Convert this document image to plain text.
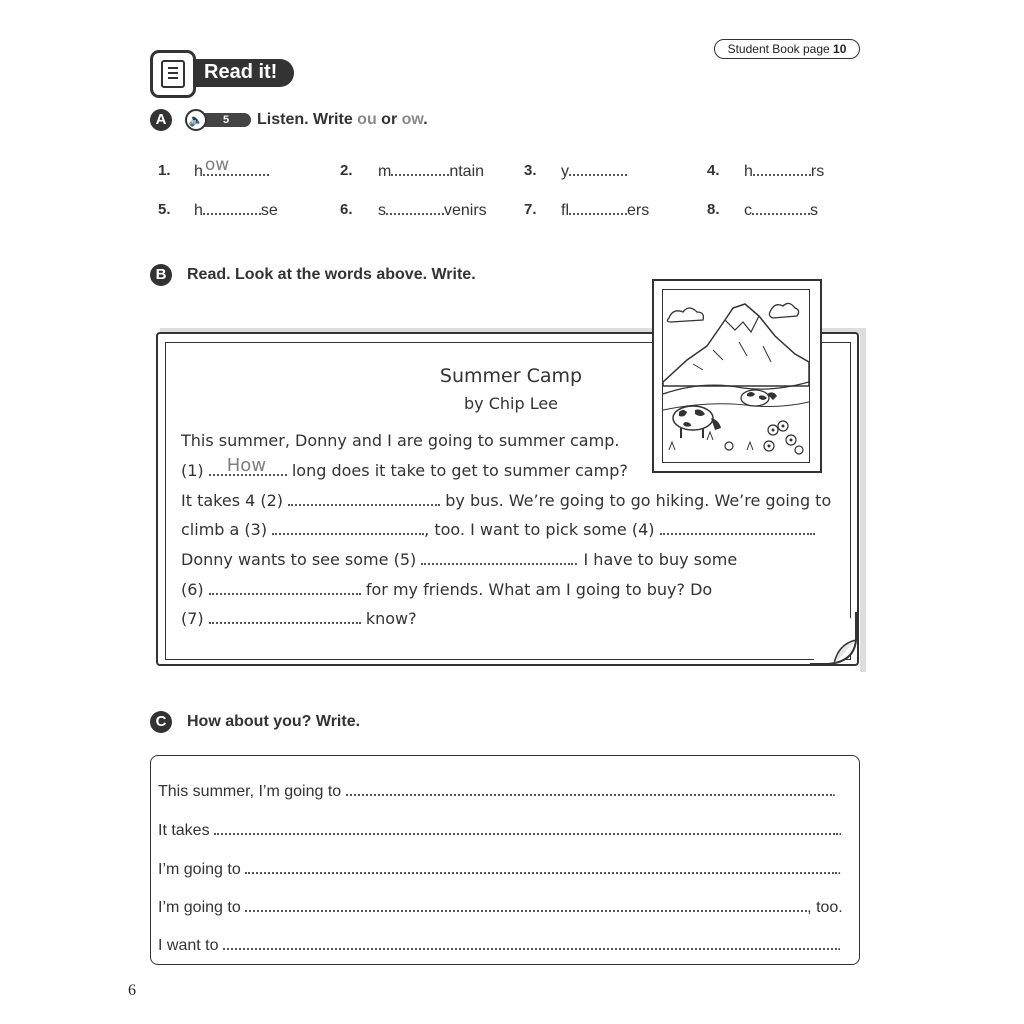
Student Book page 10
Read it!
A	5
🔈	Listen. Write ou or ow.
1. h ow	2. m	ntain	3. y	4. h	rs
5. h	se	6. s	venirs 7. fl	ers	8. c	s
B	Read. Look at the words above. Write.
Summer Camp
by Chip Lee
This summer, Donny and I are going to summer camp.
(1) How long does it take to get to summer camp?
It takes 4 (2)	by bus. We’re going to go hiking. We’re going to
climb a (3)	, too. I want to pick some (4)	.
Donny wants to see some (5)	. I have to buy some
(6)	for my friends. What am I going to buy? Do
(7)	know?
C	How about you? Write.
This summer, I’m going to	.
It takes	.
I’m going to	.
I’m going to	, too.
I want to	.
6
